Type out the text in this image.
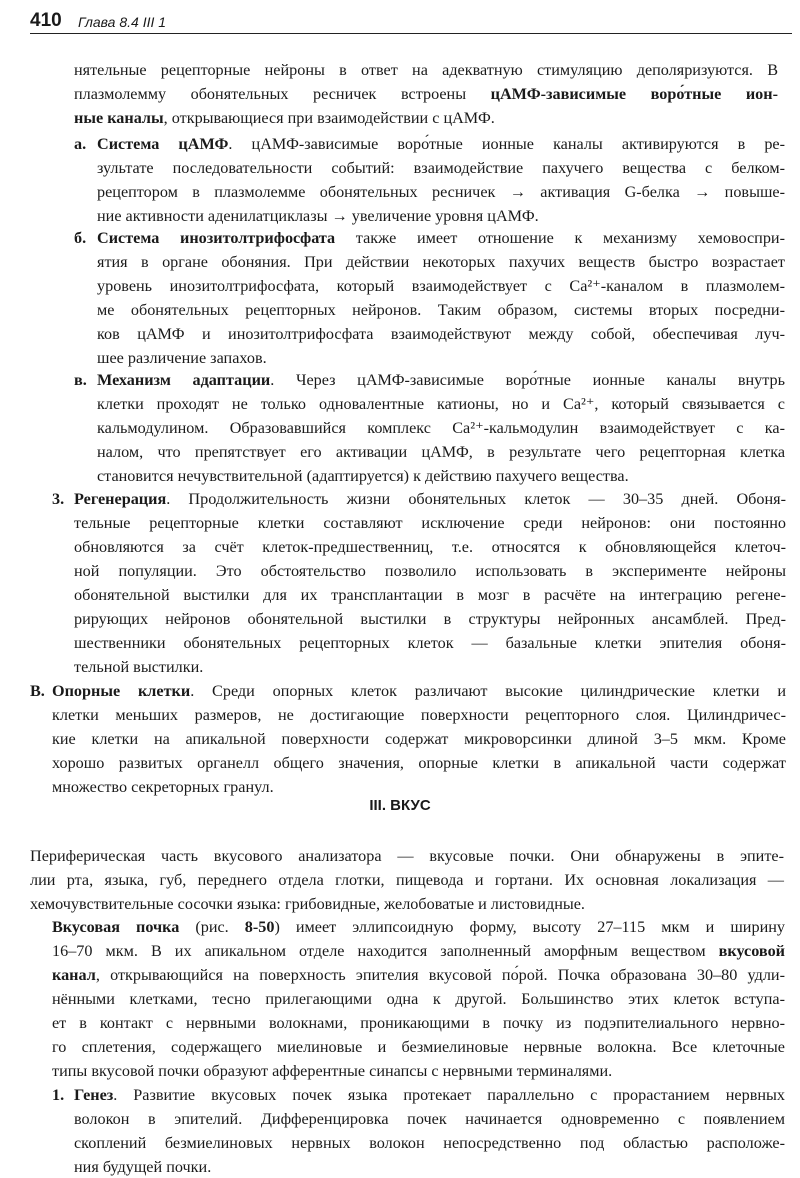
410 Глава 8.4 III 1
нятельные рецепторные нейроны в ответ на адекватную стимуляцию деполяризуются. В
плазмолемму обонятельных ресничек встроены цАМФ-зависимые воро́тные ион-
ные каналы, открывающиеся при взаимодействии с цАМФ.
Система цАМФ. цАМФ-зависимые воро́тные ионные каналы активируются в ре-
зультате последовательности событий: взаимодействие пахучего вещества с белком-
рецептором в плазмолемме обонятельных ресничек → активация G-белка → повыше-
ние активности аденилатциклазы → увеличение уровня цАМФ.
Система инозитолтрифосфата также имеет отношение к механизму хемовоспри-
ятия в органе обоняния. При действии некоторых пахучих веществ быстро возрастает
уровень инозитолтрифосфата, который взаимодействует с Ca²⁺-каналом в плазмолем-
ме обонятельных рецепторных нейронов. Таким образом, системы вторых посредни-
ков цАМФ и инозитолтрифосфата взаимодействуют между собой, обеспечивая луч-
шее различение запахов.
Механизм адаптации. Через цАМФ-зависимые воро́тные ионные каналы внутрь
клетки проходят не только одновалентные катионы, но и Ca²⁺, который связывается с
кальмодулином. Образовавшийся комплекс Ca²⁺-кальмодулин взаимодействует с ка-
налом, что препятствует его активации цАМФ, в результате чего рецепторная клетка
становится нечувствительной (адаптируется) к действию пахучего вещества.
Регенерация. Продолжительность жизни обонятельных клеток — 30–35 дней. Обоня-
тельные рецепторные клетки составляют исключение среди нейронов: они постоянно
обновляются за счёт клеток-предшественниц, т.е. относятся к обновляющейся клеточ-
ной популяции. Это обстоятельство позволило использовать в эксперименте нейроны
обонятельной выстилки для их трансплантации в мозг в расчёте на интеграцию регене-
рирующих нейронов обонятельной выстилки в структуры нейронных ансамблей. Пред-
шественники обонятельных рецепторных клеток — базальные клетки эпителия обоня-
тельной выстилки.
Опорные клетки. Среди опорных клеток различают высокие цилиндрические клетки и
клетки меньших размеров, не достигающие поверхности рецепторного слоя. Цилиндричес-
кие клетки на апикальной поверхности содержат микроворсинки длиной 3–5 мкм. Кроме
хорошо развитых органелл общего значения, опорные клетки в апикальной части содержат
множество секреторных гранул.
Периферическая часть вкусового анализатора — вкусовые почки. Они обнаружены в эпите-
лии рта, языка, губ, переднего отдела глотки, пищевода и гортани. Их основная локализация —
хемочувствительные сосочки языка: грибовидные, желобоватые и листовидные.
Вкусовая почка (рис. 8-50) имеет эллипсоидную форму, высоту 27–115 мкм и ширину
16–70 мкм. В их апикальном отделе находится заполненный аморфным веществом вкусовой
канал, открывающийся на поверхность эпителия вкусовой по́рой. Почка образована 30–80 удли-
нёнными клетками, тесно прилегающими одна к другой. Большинство этих клеток вступа-
ет в контакт с нервными волокнами, проникающими в почку из подэпителиального нервно-
го сплетения, содержащего миелиновые и безмиелиновые нервные волокна. Все клеточные
типы вкусовой почки образуют афферентные синапсы с нервными терминалями.
Генез. Развитие вкусовых почек языка протекает параллельно с прорастанием нервных
волокон в эпителий. Дифференцировка почек начинается одновременно с появлением
скоплений безмиелиновых нервных волокон непосредственно под областью расположе-
ния будущей почки.
а.
б.
в.
3.
В.
1.
III. ВКУС
